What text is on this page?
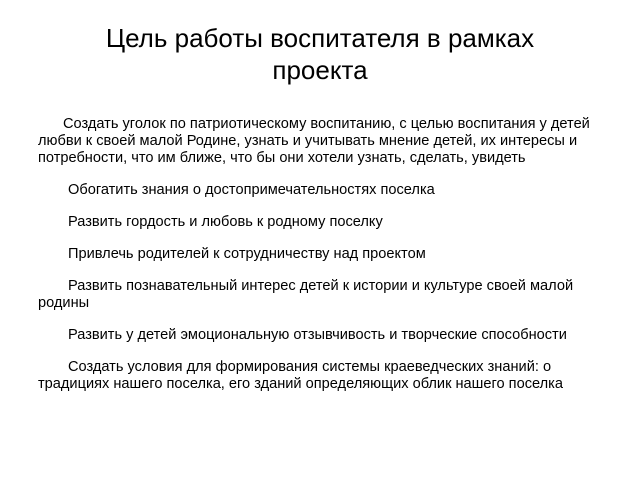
Цель работы воспитателя в рамках
проекта

Создать уголок по патриотическому воспитанию, с целью воспитания у детей любви к своей малой Родине, узнать и учитывать мнение детей, их интересы и потребности, что им ближе, что бы они хотели узнать, сделать, увидеть

Обогатить знания о достопримечательностях поселка

Развить гордость и любовь к родному поселку

Привлечь родителей к сотрудничеству над проектом

Развить познавательный интерес детей к истории и культуре своей малой родины

Развить у детей эмоциональную отзывчивость и творческие способности

Создать условия для формирования системы краеведческих знаний: о традициях нашего поселка, его зданий определяющих облик нашего поселка
